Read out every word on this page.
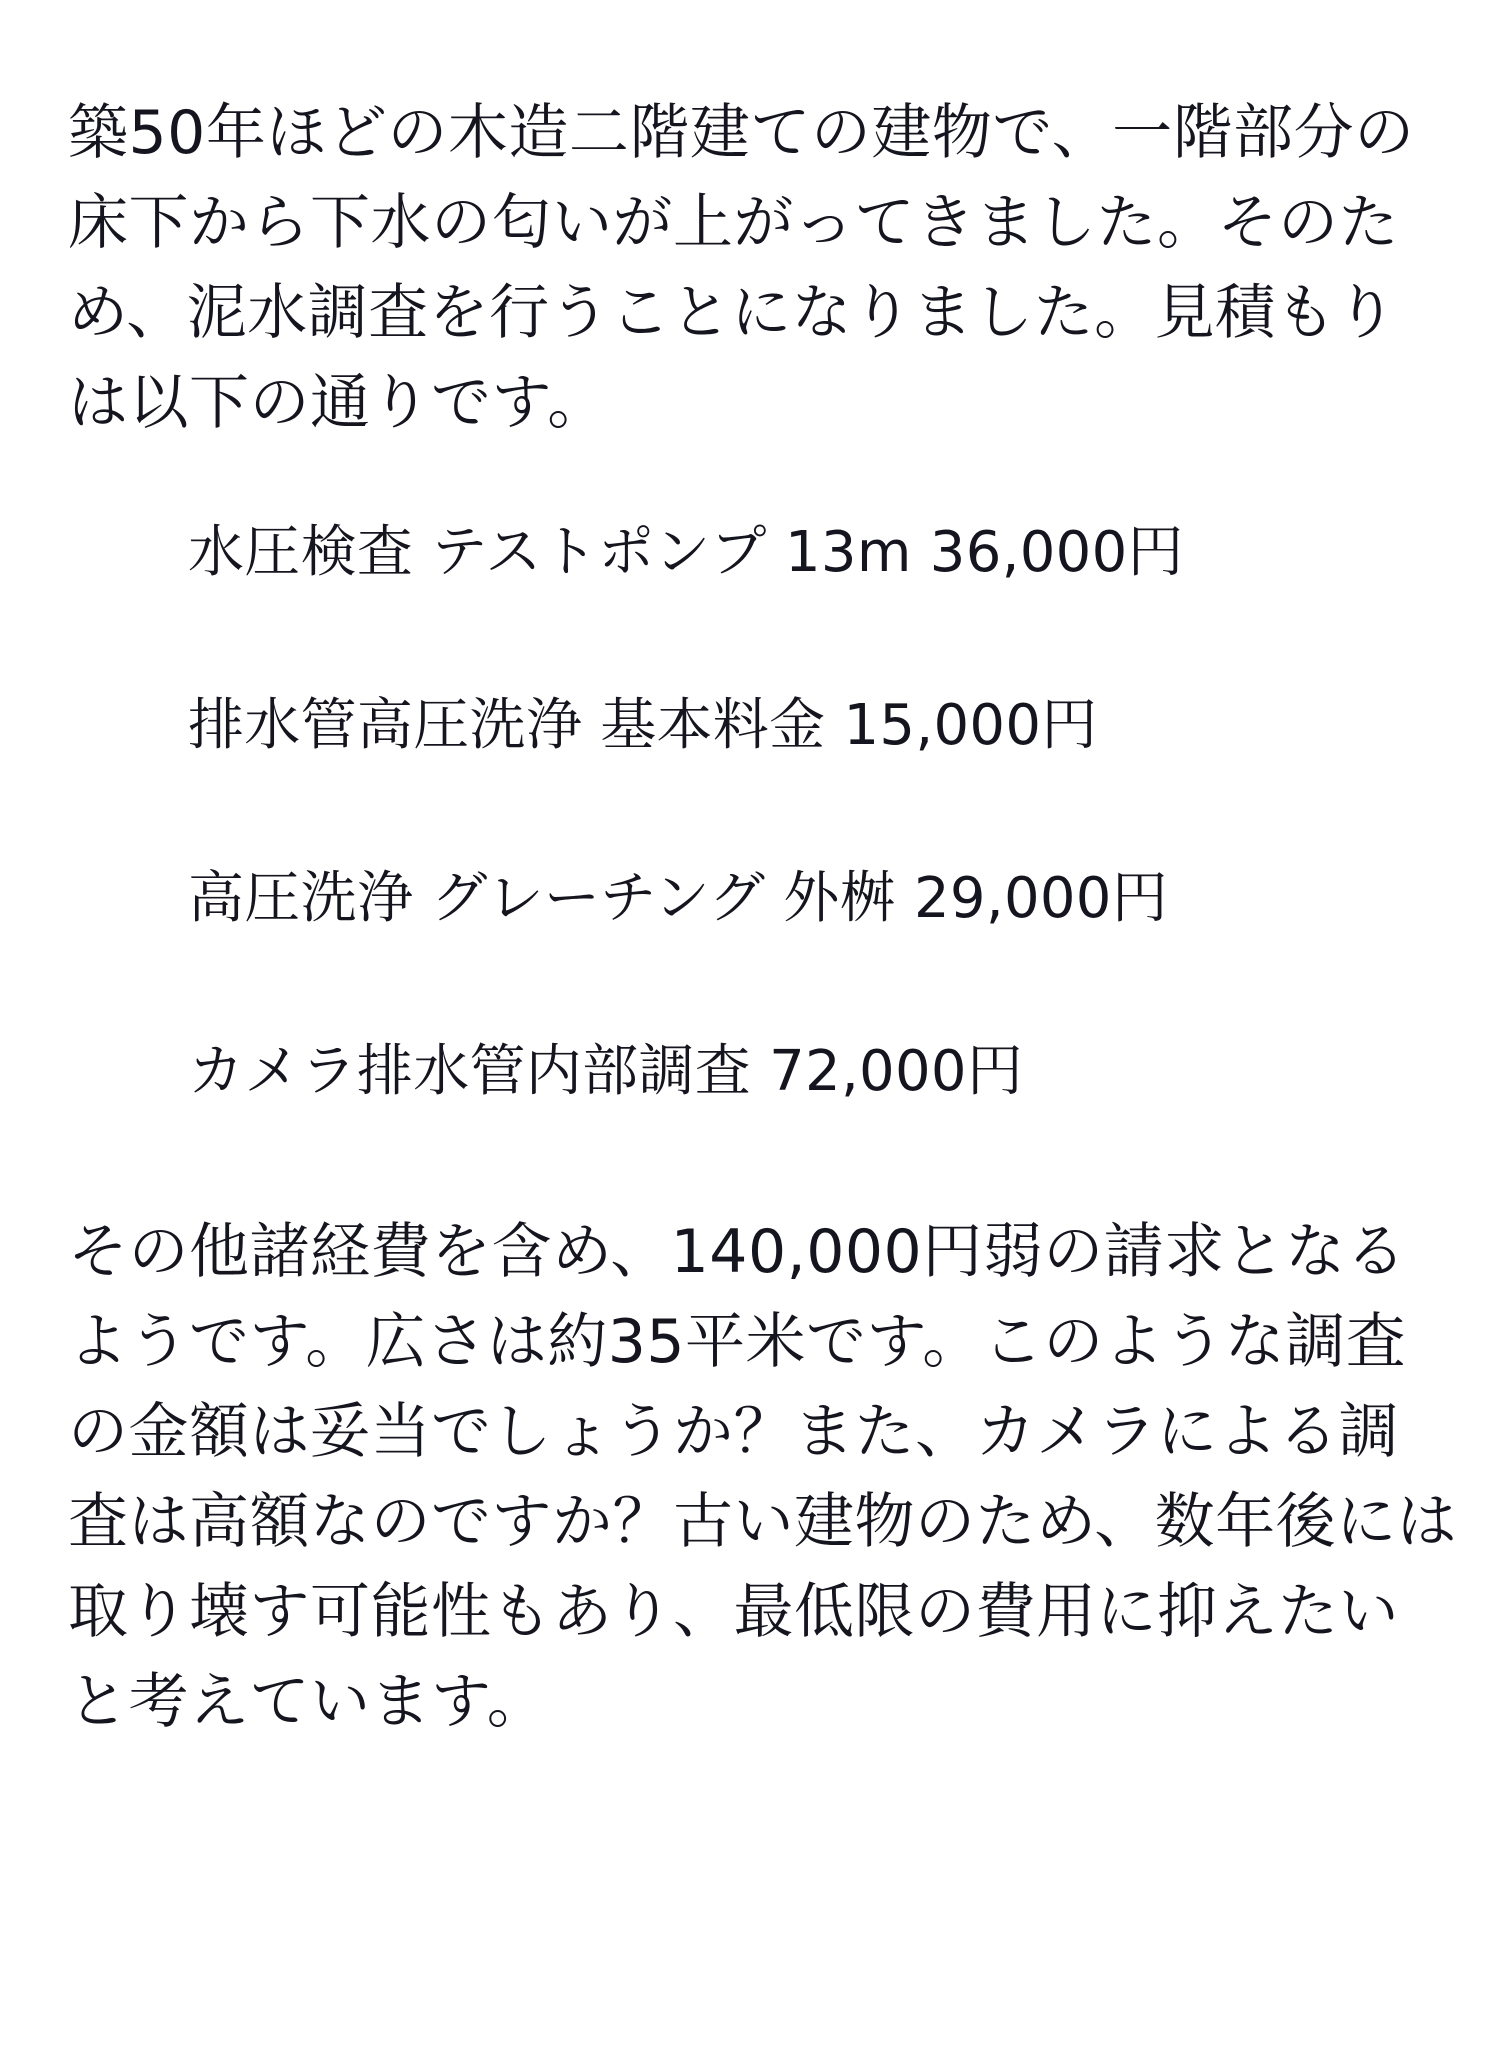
築50年ほどの木造二階建ての建物で、一階部分の床下から下水の匂いが上がってきました。そのため、泥水調査を行うことになりました。見積もりは以下の通りです。

水圧検査 テストポンプ 13m 36,000円
排水管高圧洗浄 基本料金 15,000円
高圧洗浄 グレーチング 外桝 29,000円
カメラ排水管内部調査 72,000円

その他諸経費を含め、140,000円弱の請求となるようです。広さは約35平米です。このような調査の金額は妥当でしょうか？また、カメラによる調査は高額なのですか？古い建物のため、数年後には取り壊す可能性もあり、最低限の費用に抑えたいと考えています。
